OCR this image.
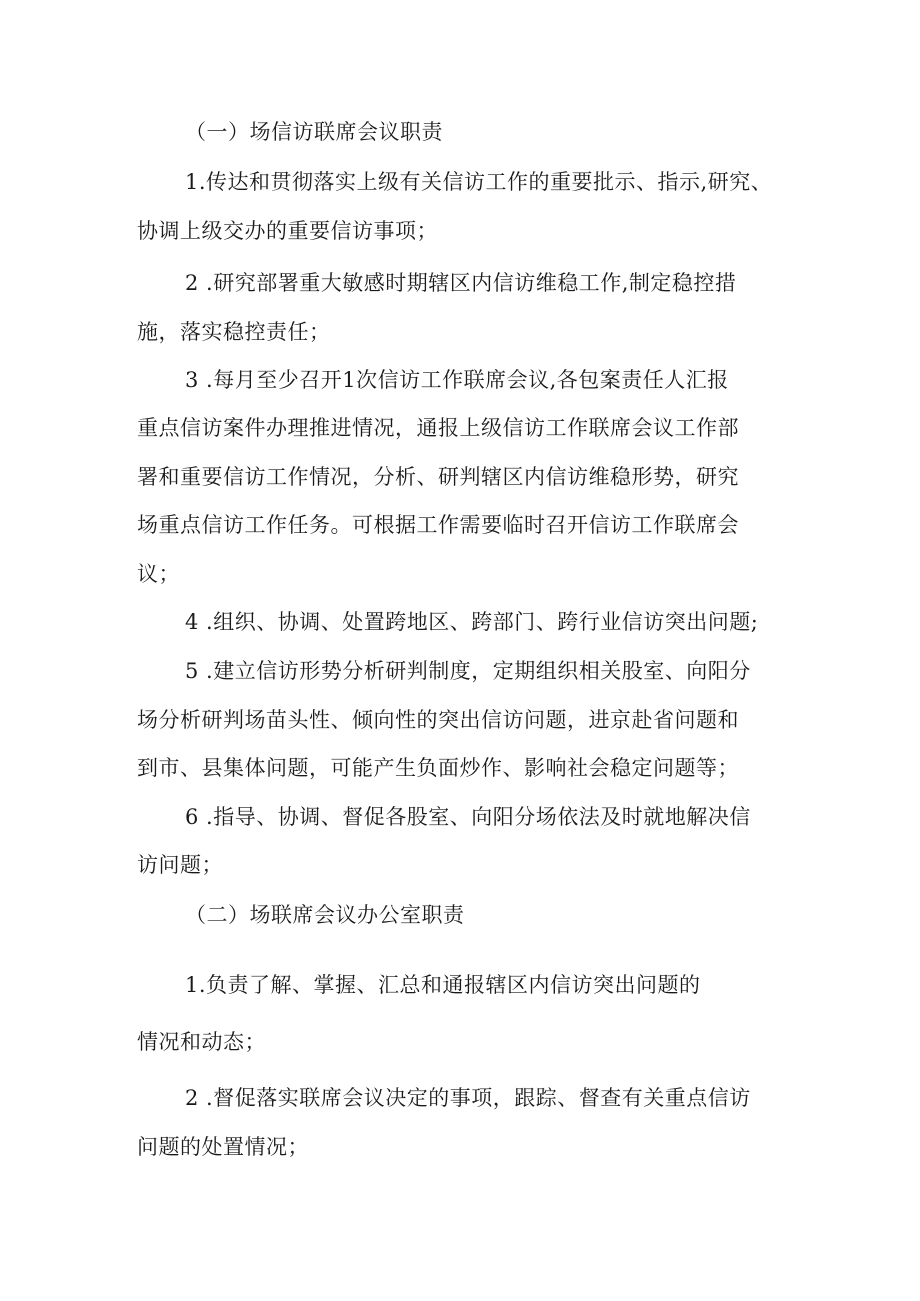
（一）场信访联席会议职责
1.传达和贯彻落实上级有关信访工作的重要批示、指示,研究、
协调上级交办的重要信访事项；
2 .研究部署重大敏感时期辖区内信访维稳工作,制定稳控措
施，落实稳控责任；
3 .每月至少召开1次信访工作联席会议,各包案责任人汇报
重点信访案件办理推进情况，通报上级信访工作联席会议工作部
署和重要信访工作情况，分析、研判辖区内信访维稳形势，研究
场重点信访工作任务。可根据工作需要临时召开信访工作联席会
议；
4 .组织、协调、处置跨地区、跨部门、跨行业信访突出问题;
5 .建立信访形势分析研判制度，定期组织相关股室、向阳分
场分析研判场苗头性、倾向性的突出信访问题，进京赴省问题和
到市、县集体问题，可能产生负面炒作、影响社会稳定问题等；
6 .指导、协调、督促各股室、向阳分场依法及时就地解决信
访问题；
（二）场联席会议办公室职责
1.负责了解、掌握、汇总和通报辖区内信访突出问题的
情况和动态；
2 .督促落实联席会议决定的事项，跟踪、督查有关重点信访
问题的处置情况；
